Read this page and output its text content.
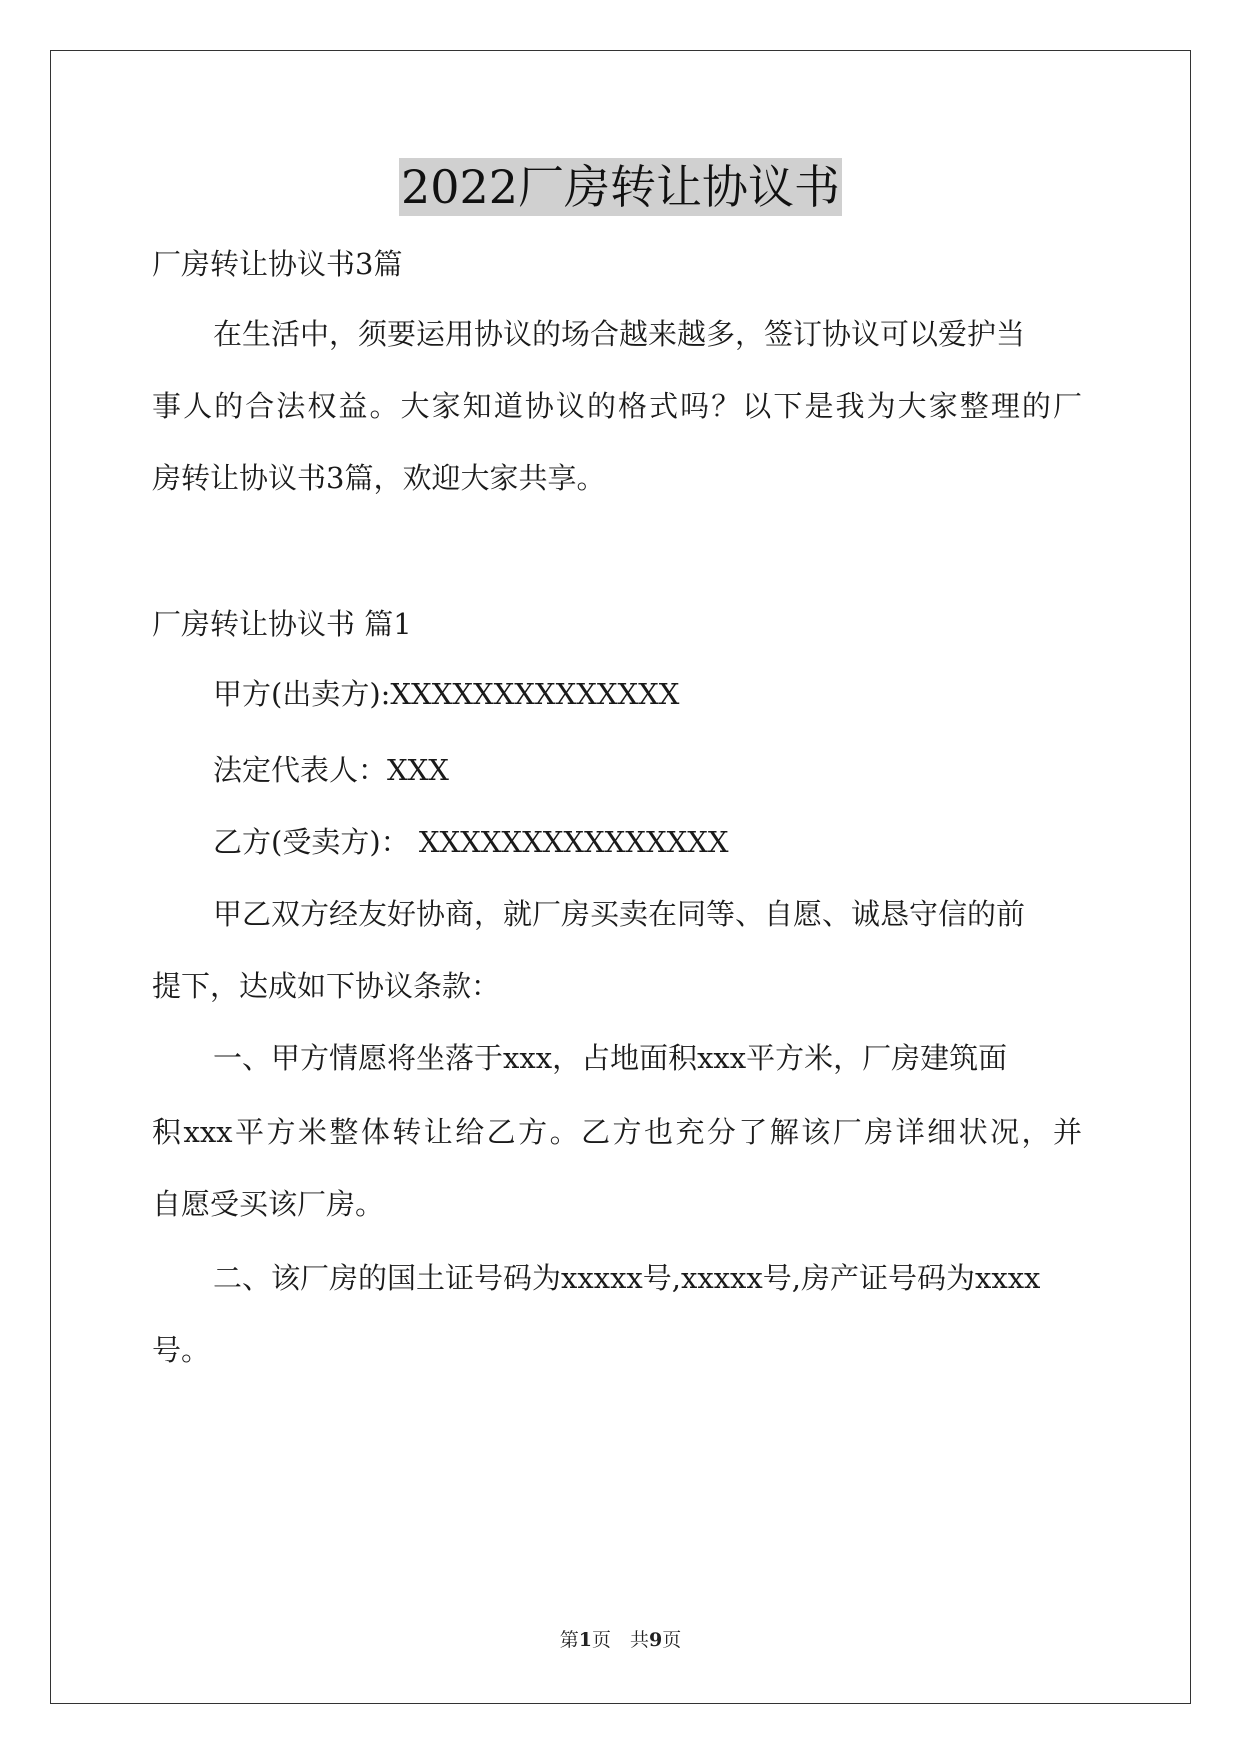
2022厂房转让协议书
厂房转让协议书3篇
在生活中，须要运用协议的场合越来越多，签订协议可以爱护当
事人的合法权益。大家知道协议的格式吗？以下是我为大家整理的厂
房转让协议书3篇，欢迎大家共享。
厂房转让协议书 篇1
甲方(出卖方):XXXXXXXXXXXXXX
法定代表人：XXX
乙方(受卖方)： XXXXXXXXXXXXXXX
甲乙双方经友好协商，就厂房买卖在同等、自愿、诚恳守信的前
提下，达成如下协议条款：
一、甲方情愿将坐落于xxx，占地面积xxx平方米，厂房建筑面
积xxx平方米整体转让给乙方。乙方也充分了解该厂房详细状况，并
自愿受买该厂房。
二、该厂房的国土证号码为xxxxx号,xxxxx号,房产证号码为xxxx
号。
第1页　共9页
